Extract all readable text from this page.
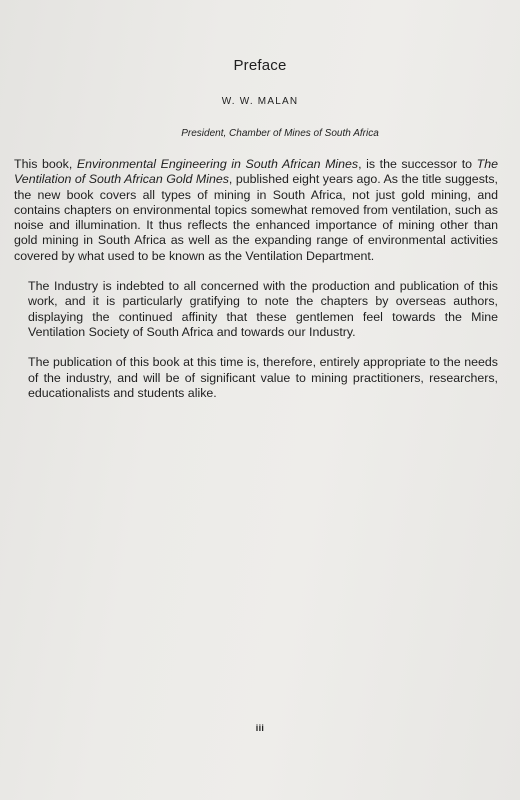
Preface
W. W. MALAN
President, Chamber of Mines of South Africa

This book, Environmental Engineering in South African Mines, is the successor to The Ventilation of South African Gold Mines, published eight years ago. As the title suggests, the new book covers all types of mining in South Africa, not just gold mining, and contains chapters on environmental topics somewhat removed from ventilation, such as noise and illumination. It thus reflects the enhanced importance of mining other than gold mining in South Africa as well as the expanding range of environmental activities covered by what used to be known as the Ventilation Department.

The Industry is indebted to all concerned with the production and publication of this work, and it is particularly gratifying to note the chapters by overseas authors, displaying the continued affinity that these gentlemen feel towards the Mine Ventilation Society of South Africa and towards our Industry.

The publication of this book at this time is, therefore, entirely appropriate to the needs of the industry, and will be of significant value to mining practitioners, researchers, educationalists and students alike.

iii
